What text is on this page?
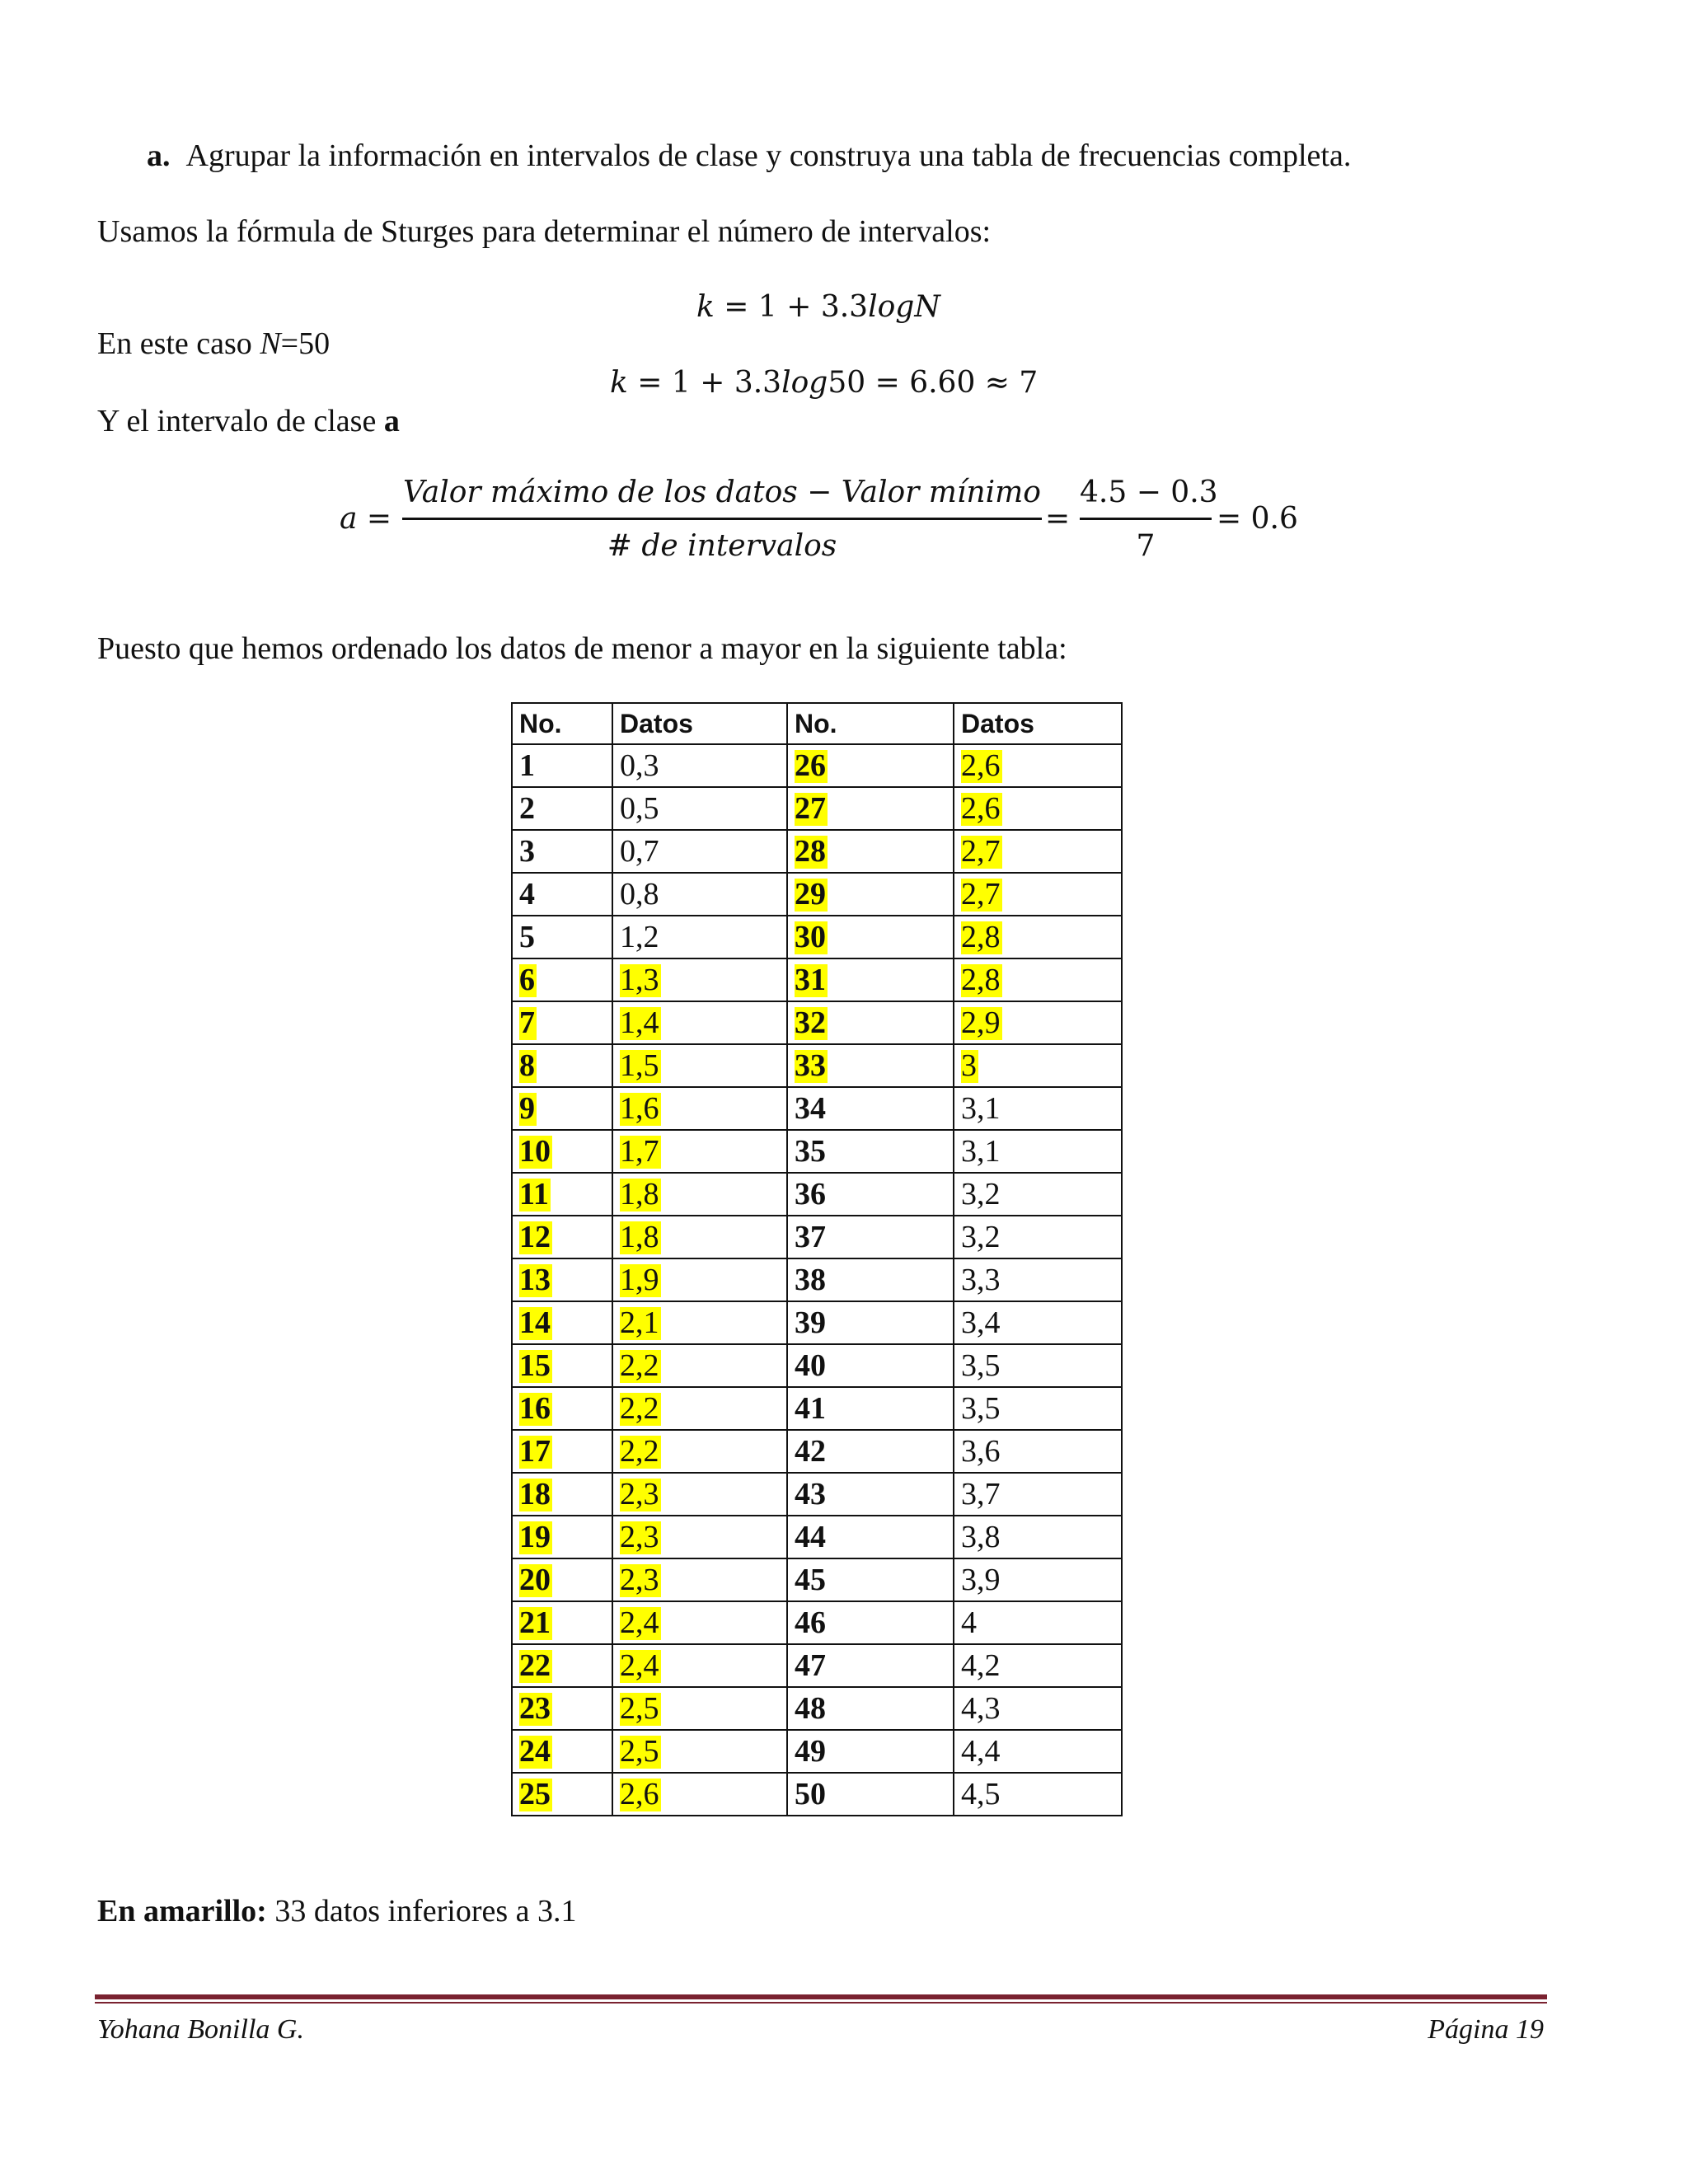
a. Agrupar la información en intervalos de clase y construya una tabla de frecuencias completa.
Usamos la fórmula de Sturges para determinar el número de intervalos:
k = 1 + 3.3logN
En este caso N=50
k = 1 + 3.3log50 = 6.60 ≈ 7
Y el intervalo de clase a
a =
Valor máximo de los datos − Valor mínimo
# de intervalos
=
4.5 − 0.3
7
= 0.6
Puesto que hemos ordenado los datos de menor a mayor en la siguiente tabla:
No.	Datos	No.	Datos
1	0,3	26	2,6
2	0,5	27	2,6
3	0,7	28	2,7
4	0,8	29	2,7
5	1,2	30	2,8
6	1,3	31	2,8
7	1,4	32	2,9
8	1,5	33	3
9	1,6	34	3,1
10	1,7	35	3,1
11	1,8	36	3,2
12	1,8	37	3,2
13	1,9	38	3,3
14	2,1	39	3,4
15	2,2	40	3,5
16	2,2	41	3,5
17	2,2	42	3,6
18	2,3	43	3,7
19	2,3	44	3,8
20	2,3	45	3,9
21	2,4	46	4
22	2,4	47	4,2
23	2,5	48	4,3
24	2,5	49	4,4
25	2,6	50	4,5
En amarillo: 33 datos inferiores a 3.1
Yohana Bonilla G.	Página 19
